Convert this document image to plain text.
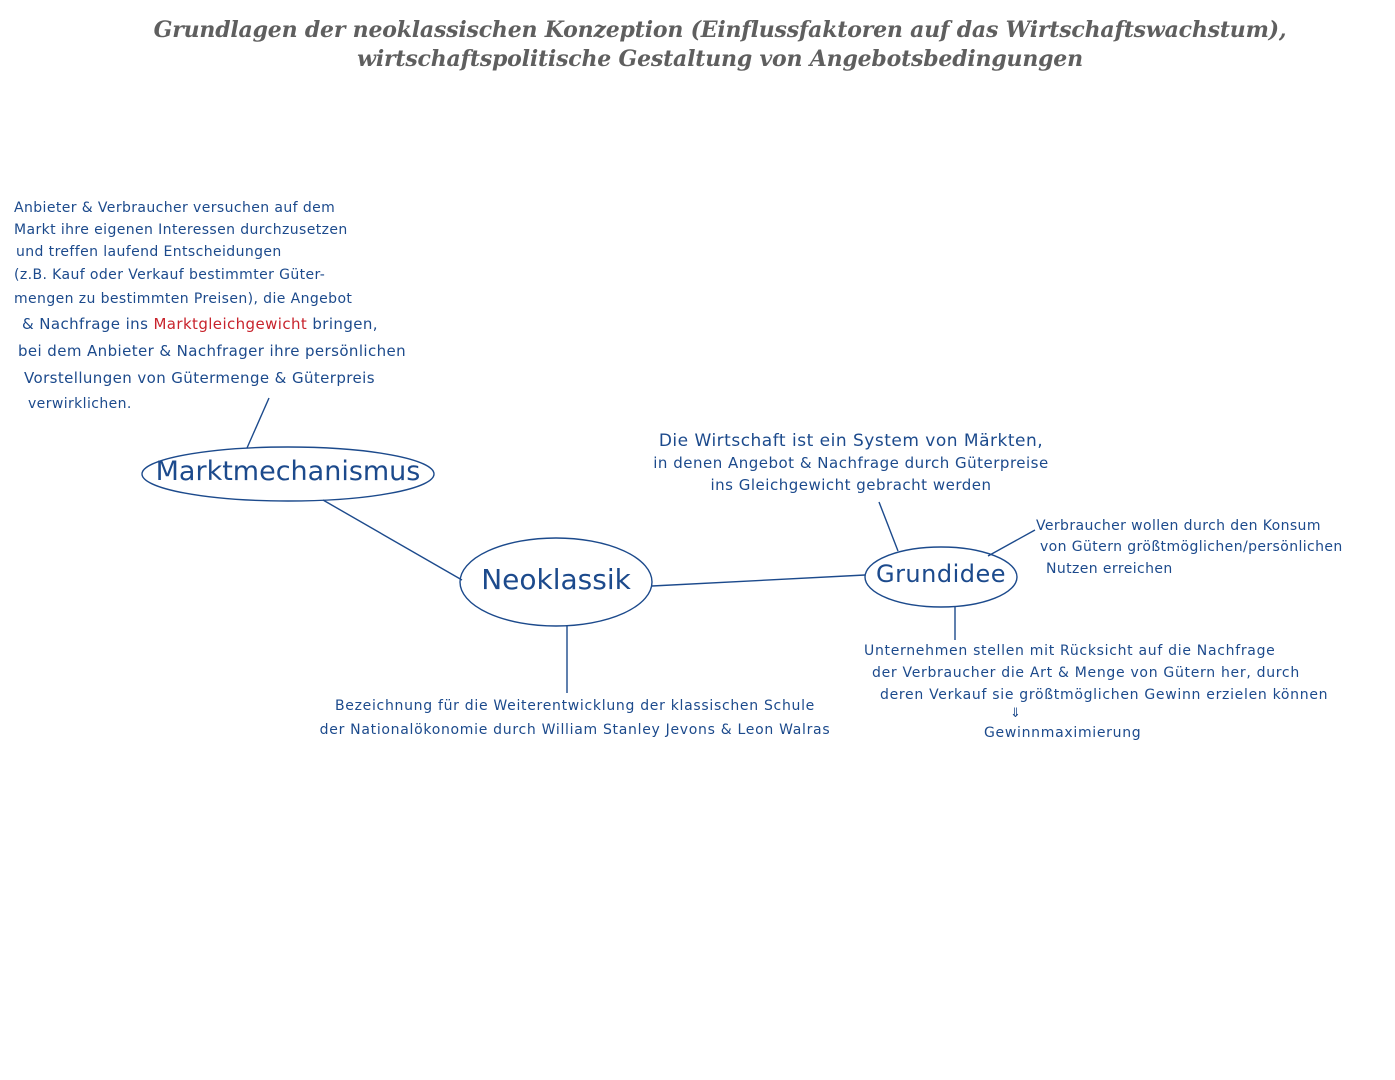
Grundlagen der neoklassischen Konzeption (Einflussfaktoren auf das Wirtschaftswachstum),
wirtschaftspolitische Gestaltung von Angebotsbedingungen
Marktmechanismus
Neoklassik	Grundidee
Anbieter & Verbraucher versuchen auf dem
Markt ihre eigenen Interessen durchzusetzen
und treffen laufend Entscheidungen
(z.B. Kauf oder Verkauf bestimmter Güter-
mengen zu bestimmten Preisen), die Angebot
& Nachfrage ins Marktgleichgewicht bringen,
bei dem Anbieter & Nachfrager ihre persönlichen
Vorstellungen von Gütermenge & Güterpreis
verwirklichen.
Bezeichnung für die Weiterentwicklung der klassischen Schule
der Nationalökonomie durch William Stanley Jevons & Leon Walras
Die Wirtschaft ist ein System von Märkten,
in denen Angebot & Nachfrage durch Güterpreise
ins Gleichgewicht gebracht werden
Verbraucher wollen durch den Konsum
von Gütern größtmöglichen/persönlichen
Nutzen erreichen
Unternehmen stellen mit Rücksicht auf die Nachfrage
der Verbraucher die Art & Menge von Gütern her, durch
deren Verkauf sie größtmöglichen Gewinn erzielen können
⇓
Gewinnmaximierung
